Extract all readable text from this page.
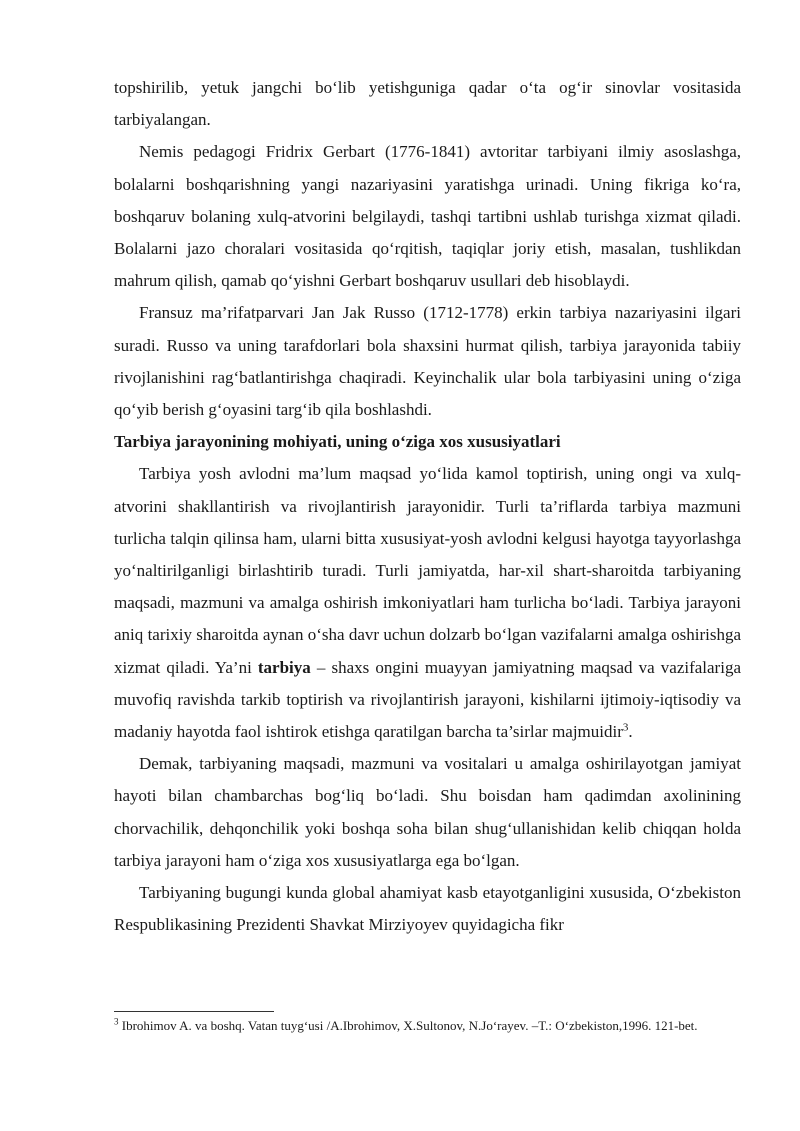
topshirilib, yetuk jangchi bo‘lib yetishguniga qadar o‘ta og‘ir sinovlar vositasida tarbiyalangan.

Nemis pedagogi Fridrix Gerbart (1776-1841) avtoritar tarbiyani ilmiy asoslashga, bolalarni boshqarishning yangi nazariyasini yaratishga urinadi. Uning fikriga ko‘ra, boshqaruv bolaning xulq-atvorini belgilaydi, tashqi tartibni ushlab turishga xizmat qiladi. Bolalarni jazo choralari vositasida qo‘rqitish, taqiqlar joriy etish, masalan, tushlikdan mahrum qilish, qamab qo‘yishni Gerbart boshqaruv usullari deb hisoblaydi.

Fransuz ma’rifatparvari Jan Jak Russo (1712-1778) erkin tarbiya nazariyasini ilgari suradi. Russo va uning tarafdorlari bola shaxsini hurmat qilish, tarbiya jarayonida tabiiy rivojlanishini rag‘batlantirishga chaqiradi. Keyinchalik ular bola tarbiyasini uning o‘ziga qo‘yib berish g‘oyasini targ‘ib qila boshlashdi.

Tarbiya jarayonining mohiyati, uning o‘ziga xos xususiyatlari

Tarbiya yosh avlodni ma’lum maqsad yo‘lida kamol toptirish, uning ongi va xulq-atvorini shakllantirish va rivojlantirish jarayonidir. Turli ta’riflarda tarbiya mazmuni turlicha talqin qilinsa ham, ularni bitta xususiyat-yosh avlodni kelgusi hayotga tayyorlashga yo‘naltirilganligi birlashtirib turadi. Turli jamiyatda, har-xil shart-sharoitda tarbiyaning maqsadi, mazmuni va amalga oshirish imkoniyatlari ham turlicha bo‘ladi. Tarbiya jarayoni aniq tarixiy sharoitda aynan o‘sha davr uchun dolzarb bo‘lgan vazifalarni amalga oshirishga xizmat qiladi. Ya’ni tarbiya – shaxs ongini muayyan jamiyatning maqsad va vazifalariga muvofiq ravishda tarkib toptirish va rivojlantirish jarayoni, kishilarni ijtimoiy-iqtisodiy va madaniy hayotda faol ishtirok etishga qaratilgan barcha ta’sirlar majmuidir$^3$.

Demak, tarbiyaning maqsadi, mazmuni va vositalari u amalga oshirilayotgan jamiyat hayoti bilan chambarchas bog‘liq bo‘ladi. Shu boisdan ham qadimdan axolinining chorvachilik, dehqonchilik yoki boshqa soha bilan shug‘ullanishidan kelib chiqqan holda tarbiya jarayoni ham o‘ziga xos xususiyatlarga ega bo‘lgan.

Tarbiyaning bugungi kunda global ahamiyat kasb etayotganligini xususida, O‘zbekiston Respublikasining Prezidenti Shavkat Mirziyoyev quyidagicha fikr

$^3$ Ibrohimov A. va boshq. Vatan tuyg‘usi /A.Ibrohimov, X.Sultonov, N.Jo‘rayev. –T.: O‘zbekiston,1996. 121-bet.
